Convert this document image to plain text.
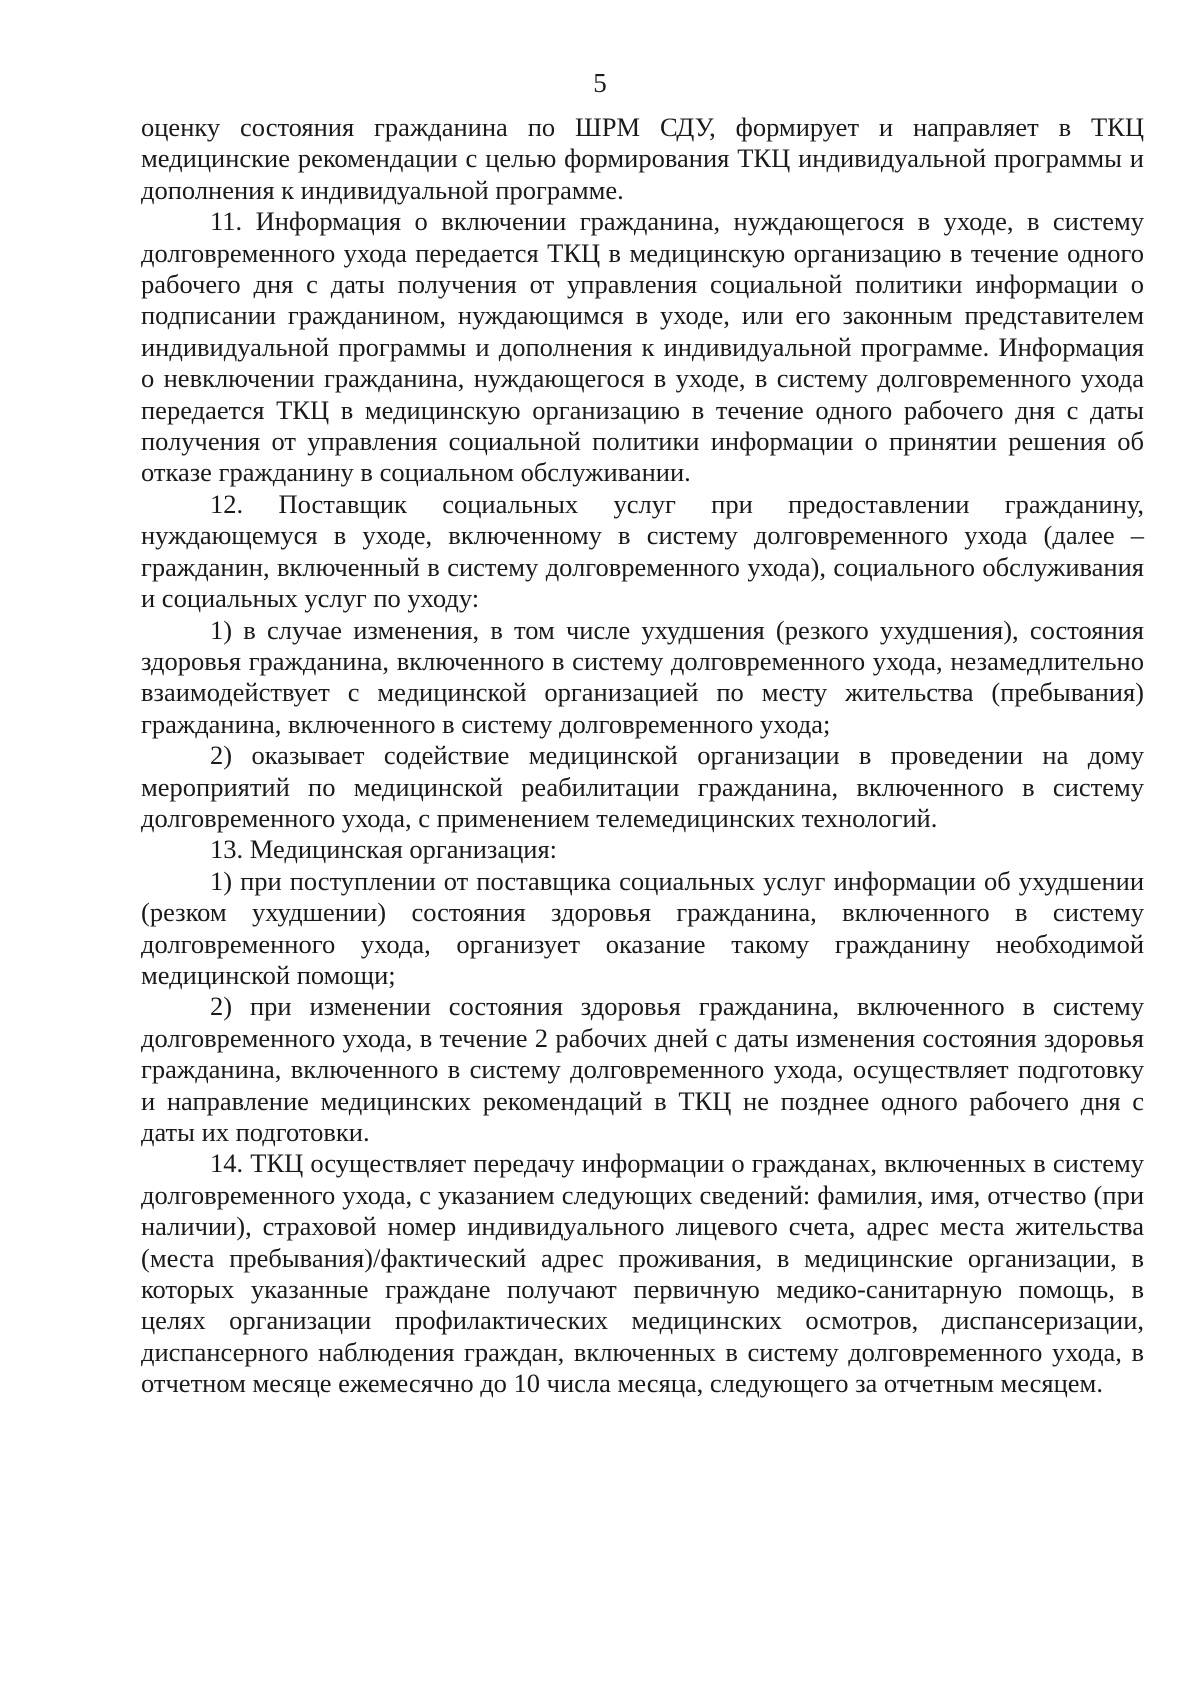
5

оценку состояния гражданина по ШРМ СДУ, формирует и направляет в ТКЦ медицинские рекомендации с целью формирования ТКЦ индивидуальной программы и дополнения к индивидуальной программе.

11. Информация о включении гражданина, нуждающегося в уходе, в систему долговременного ухода передается ТКЦ в медицинскую организацию в течение одного рабочего дня с даты получения от управления социальной политики информации о подписании гражданином, нуждающимся в уходе, или его законным представителем индивидуальной программы и дополнения к индивидуальной программе. Информация о невключении гражданина, нуждающегося в уходе, в систему долговременного ухода передается ТКЦ в медицинскую организацию в течение одного рабочего дня с даты получения от управления социальной политики информации о принятии решения об отказе гражданину в социальном обслуживании.

12. Поставщик социальных услуг при предоставлении гражданину, нуждающемуся в уходе, включенному в систему долговременного ухода (далее – гражданин, включенный в систему долговременного ухода), социального обслуживания и социальных услуг по уходу:

1) в случае изменения, в том числе ухудшения (резкого ухудшения), состояния здоровья гражданина, включенного в систему долговременного ухода, незамедлительно взаимодействует с медицинской организацией по месту жительства (пребывания) гражданина, включенного в систему долговременного ухода;

2) оказывает содействие медицинской организации в проведении на дому мероприятий по медицинской реабилитации гражданина, включенного в систему долговременного ухода, с применением телемедицинских технологий.

13. Медицинская организация:

1) при поступлении от поставщика социальных услуг информации об ухудшении (резком ухудшении) состояния здоровья гражданина, включенного в систему долговременного ухода, организует оказание такому гражданину необходимой медицинской помощи;

2) при изменении состояния здоровья гражданина, включенного в систему долговременного ухода, в течение 2 рабочих дней с даты изменения состояния здоровья гражданина, включенного в систему долговременного ухода, осуществляет подготовку и направление медицинских рекомендаций в ТКЦ не позднее одного рабочего дня с даты их подготовки.

14. ТКЦ осуществляет передачу информации о гражданах, включенных в систему долговременного ухода, с указанием следующих сведений: фамилия, имя, отчество (при наличии), страховой номер индивидуального лицевого счета, адрес места жительства (места пребывания)/фактический адрес проживания, в медицинские организации, в которых указанные граждане получают первичную медико-санитарную помощь, в целях организации профилактических медицинских осмотров, диспансеризации, диспансерного наблюдения граждан, включенных в систему долговременного ухода, в отчетном месяце ежемесячно до 10 числа месяца, следующего за отчетным месяцем.
